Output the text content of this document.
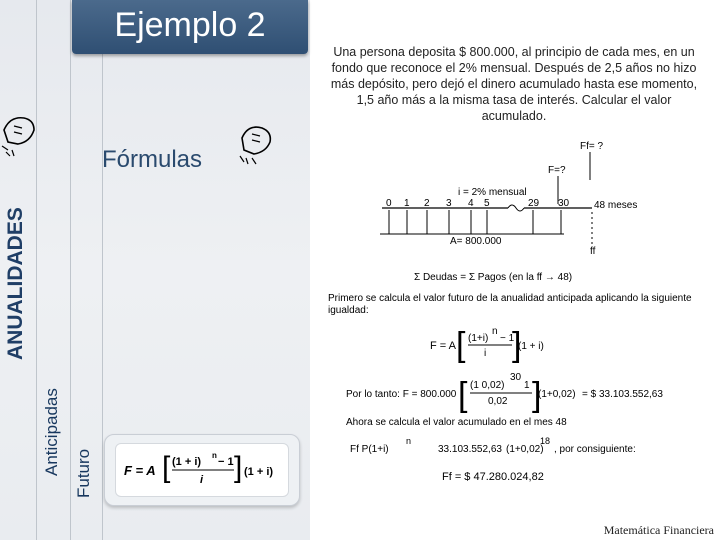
Ejemplo 2
ANUALIDADES
Anticipadas Futuro
Fórmulas
F = A [ (1 + i)
n
− 1
i ] (1 + i)
Una persona deposita $ 800.000, al principio de cada mes, en un fondo que reconoce el 2% mensual. Después de 2,5 años no hizo más depósito, pero dejó el dinero acumulado hasta ese momento, 1,5 año más a la misma tasa de interés. Calcular el valor acumulado.
Ff= ?
F=?
i = 2% mensual
0 1 2 3 4 5	29 30 48 meses
A= 800.000
ff
Σ Deudas = Σ Pagos (en la ff → 48)
Primero se calcula el valor futuro de la anualidad anticipada aplicando la siguiente
igualdad:
F = A [ (1+i)
n
− 1
i ]
(1 + i)
Por lo tanto: F = 800.000 [ (1 0,02)
30
1
0,02 ]
(1+0,02) = $ 33.103.552,63
Ahora se calcula el valor acumulado en el mes 48
Ff P(1+i)
n
33.103.552,63 (1+0,02)
18
, por consiguiente:
Ff = $ 47.280.024,82
Matemática Financiera
